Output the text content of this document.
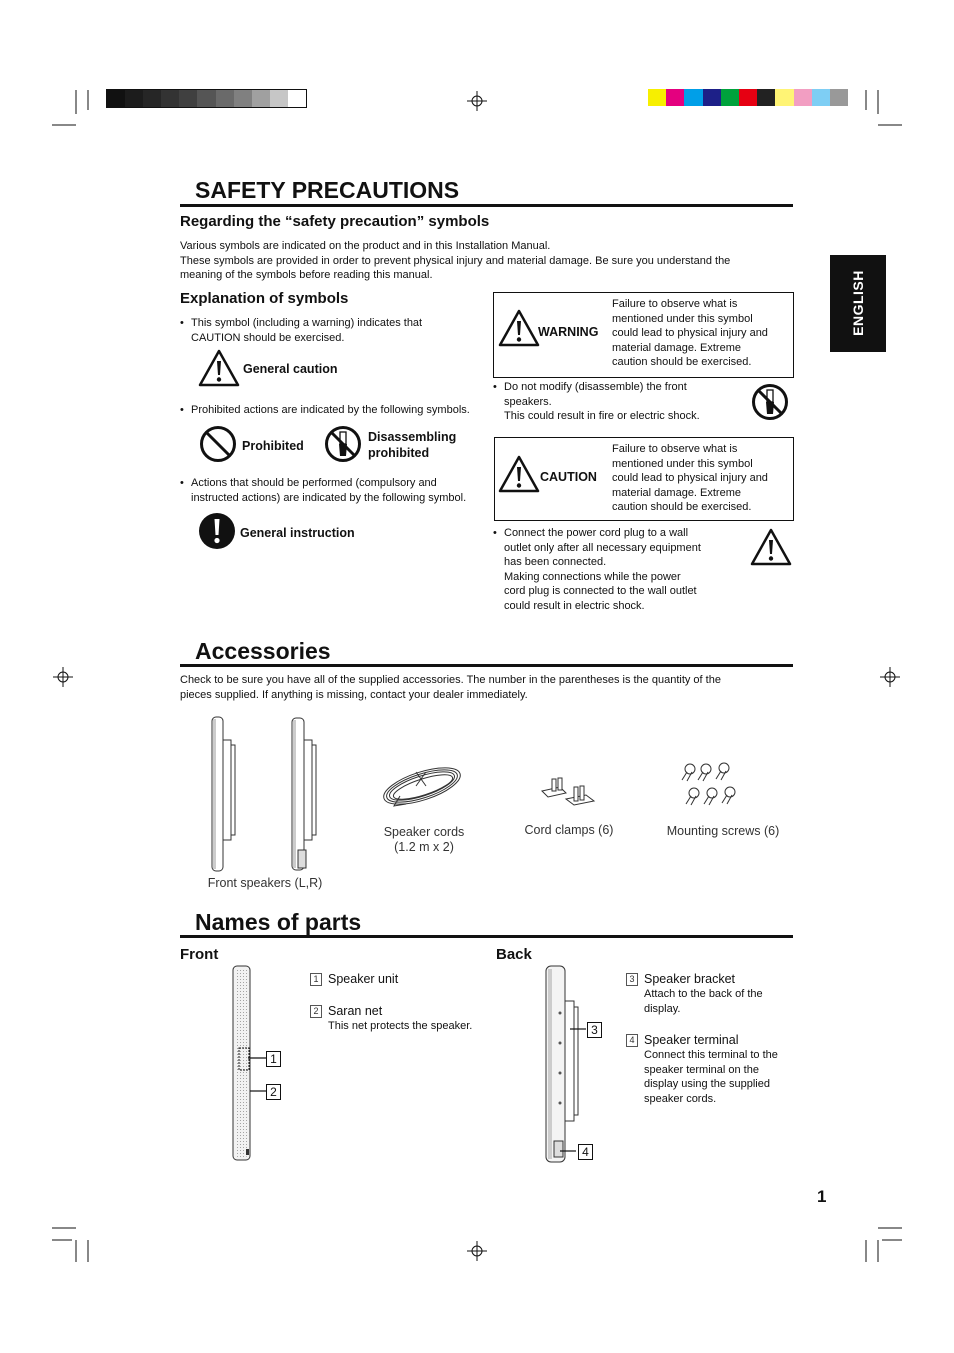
ENGLISH
SAFETY PRECAUTIONS
Regarding the “safety precaution” symbols
Various symbols are indicated on the product and in this Installation Manual.
These symbols are provided in order to prevent physical injury and material damage. Be sure you understand the
meaning of the symbols before reading this manual.
Explanation of symbols
• This symbol (including a warning) indicates that
CAUTION should be exercised.
General caution
• Prohibited actions are indicated by the following symbols.
Prohibited
Disassembling
prohibited
• Actions that should be performed (compulsory and
instructed actions) are indicated by the following symbol.
General instruction
WARNING
Failure to observe what is
mentioned under this symbol
could lead to physical injury and
material damage. Extreme
caution should be exercised.
• Do not modify (disassemble) the front
speakers.
This could result in fire or electric shock.
CAUTION
Failure to observe what is
mentioned under this symbol
could lead to physical injury and
material damage. Extreme
caution should be exercised.
• Connect the power cord plug to a wall
outlet only after all necessary equipment
has been connected.
Making connections while the power
cord plug is connected to the wall outlet
could result in electric shock.
Accessories
Check to be sure you have all of the supplied accessories. The number in the parentheses is the quantity of the
pieces supplied. If anything is missing, contact your dealer immediately.
Front speakers (L,R)
Speaker cords
(1.2 m x 2)
Cord clamps (6)	Mounting screws (6)
Names of parts
Front	Back
1
2
1 Speaker unit
2 Saran net
This net protects the speaker.	3
4
3 Speaker bracket
Attach to the back of the
display.
4 Speaker terminal
Connect this terminal to the
speaker terminal on the
display using the supplied
speaker cords.
1
